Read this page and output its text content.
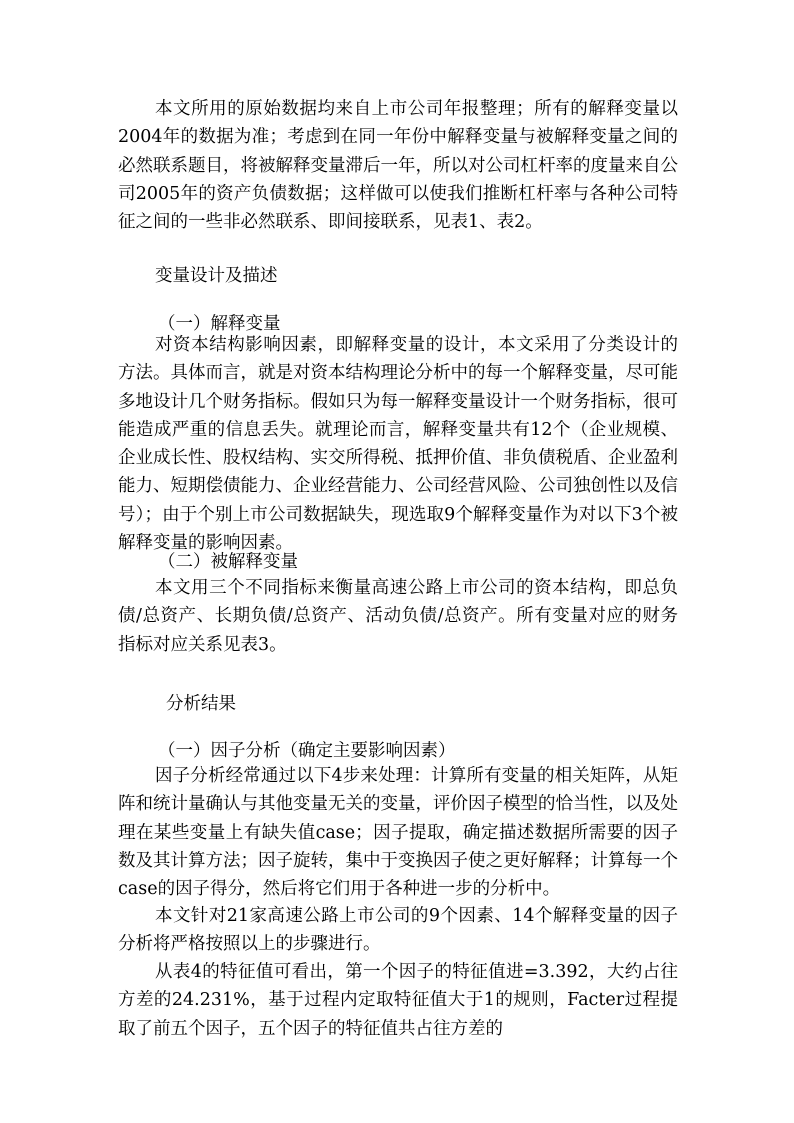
本文所用的原始数据均来自上市公司年报整理；所有的解释变量以2004年的数据为准；考虑到在同一年份中解释变量与被解释变量之间的必然联系题目，将被解释变量滞后一年，所以对公司杠杆率的度量来自公司2005年的资产负债数据；这样做可以使我们推断杠杆率与各种公司特征之间的一些非必然联系、即间接联系，见表1、表2。

变量设计及描述

（一）解释变量

对资本结构影响因素，即解释变量的设计，本文采用了分类设计的方法。具体而言，就是对资本结构理论分析中的每一个解释变量，尽可能多地设计几个财务指标。假如只为每一解释变量设计一个财务指标，很可能造成严重的信息丢失。就理论而言，解释变量共有12个（企业规模、企业成长性、股权结构、实交所得税、抵押价值、非负债税盾、企业盈利能力、短期偿债能力、企业经营能力、公司经营风险、公司独创性以及信号）；由于个别上市公司数据缺失，现选取9个解释变量作为对以下3个被解释变量的影响因素。

（二）被解释变量

本文用三个不同指标来衡量高速公路上市公司的资本结构，即总负债/总资产、长期负债/总资产、活动负债/总资产。所有变量对应的财务指标对应关系见表3。

分析结果

（一）因子分析（确定主要影响因素）

因子分析经常通过以下4步来处理：计算所有变量的相关矩阵，从矩阵和统计量确认与其他变量无关的变量，评价因子模型的恰当性，以及处理在某些变量上有缺失值case；因子提取，确定描述数据所需要的因子数及其计算方法；因子旋转，集中于变换因子使之更好解释；计算每一个case的因子得分，然后将它们用于各种进一步的分析中。

本文针对21家高速公路上市公司的9个因素、14个解释变量的因子分析将严格按照以上的步骤进行。

从表4的特征值可看出，第一个因子的特征值进=3.392，大约占往方差的24.231%，基于过程内定取特征值大于1的规则，Facter过程提取了前五个因子，五个因子的特征值共占往方差的
